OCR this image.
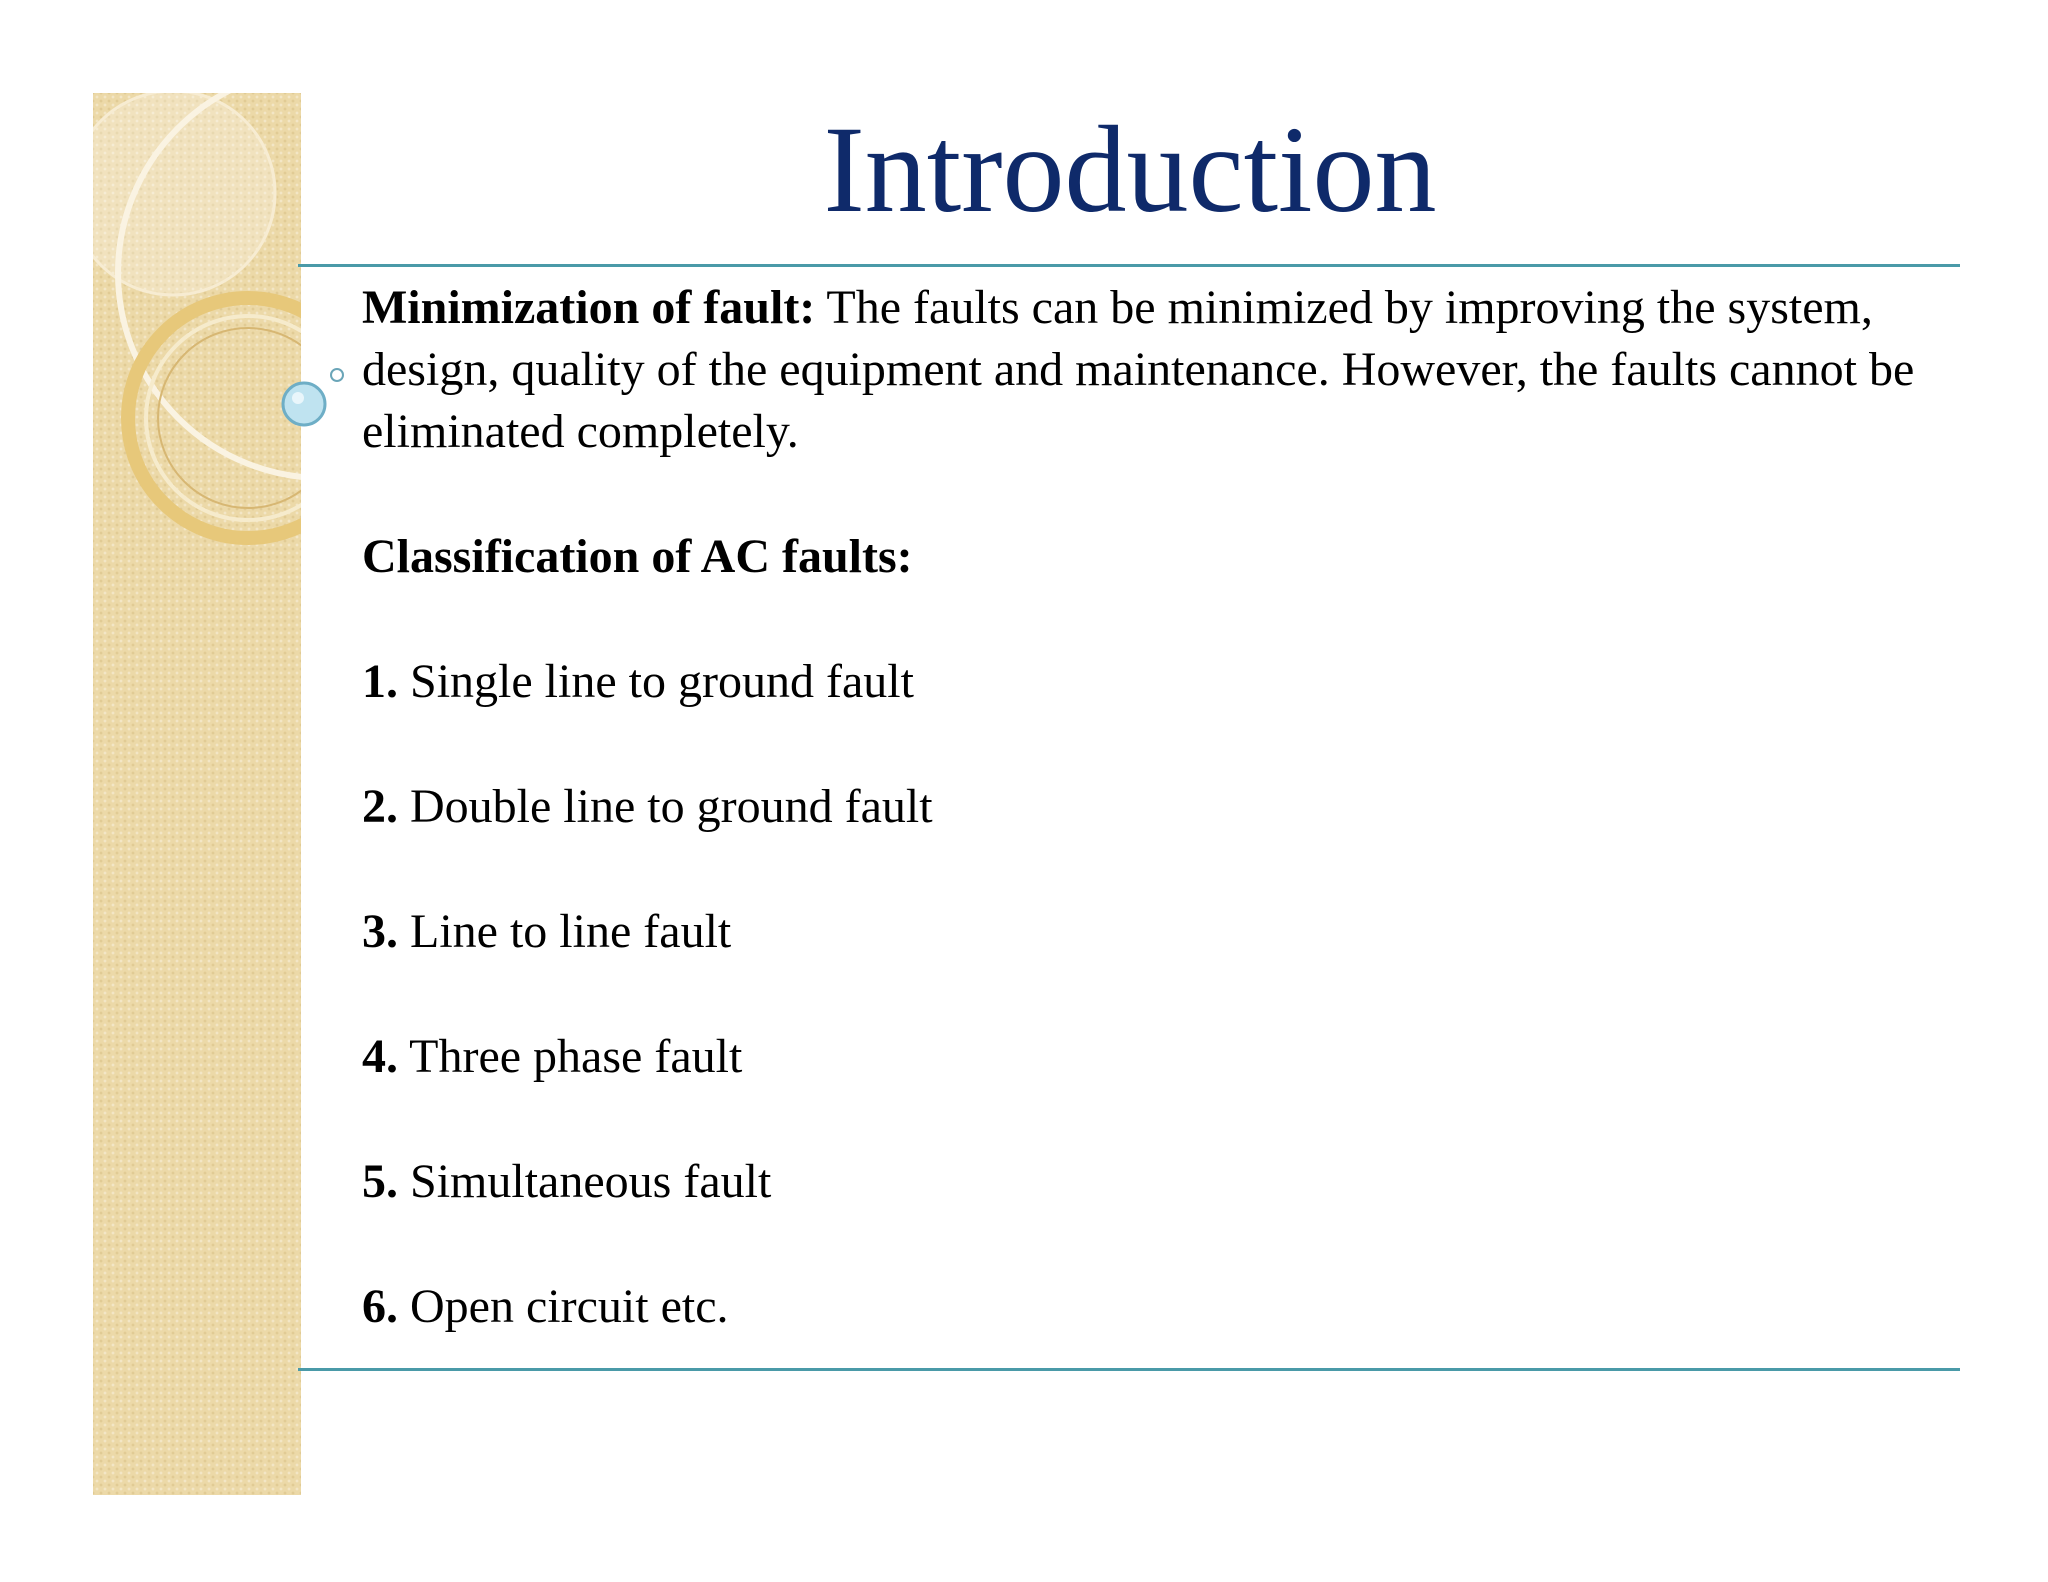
Introduction

Minimization of fault: The faults can be minimized by improving the system, design, quality of the equipment and maintenance. However, the faults cannot be eliminated completely.

Classification of AC faults:

1. Single line to ground fault
2. Double line to ground fault
3. Line to line fault
4. Three phase fault
5. Simultaneous fault
6. Open circuit etc.
